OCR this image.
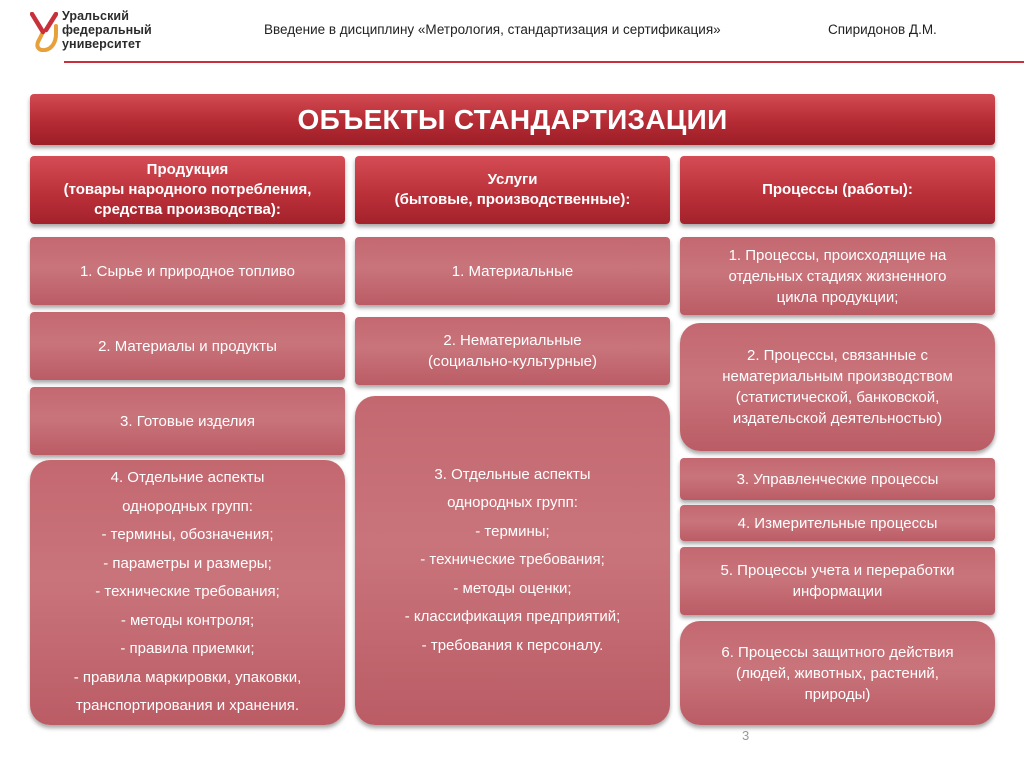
Уральский
федеральный
университет
Введение в дисциплину «Метрология, стандартизация и сертификация»	Спиридонов Д.М.
ОБЪЕКТЫ СТАНДАРТИЗАЦИИ
Продукция
(товары народного потребления,
средства производства):
1. Сырье и природное топливо
2. Материалы и продукты
3. Готовые изделия
4. Отдельние аспекты
однородных групп:
- термины, обозначения;
- параметры и размеры;
- технические требования;
- методы контроля;
- правила приемки;
- правила маркировки, упаковки,
транспортирования и хранения.
Услуги
(бытовые, производственные):
1. Материальные
2. Нематериальные
(социально-культурные)
3. Отдельные аспекты
однородных групп:
- термины;
- технические требования;
- методы оценки;
- классификация предприятий;
- требования к персоналу.
Процессы (работы):
1. Процессы, происходящие на
отдельных стадиях жизненного
цикла продукции;
2. Процессы, связанные с
нематериальным производством
(статистической, банковской,
издательской деятельностью)
3. Управленческие процессы
4. Измерительные процессы
5. Процессы учета и переработки
информации
6. Процессы защитного действия
(людей, животных, растений,
природы)
3
